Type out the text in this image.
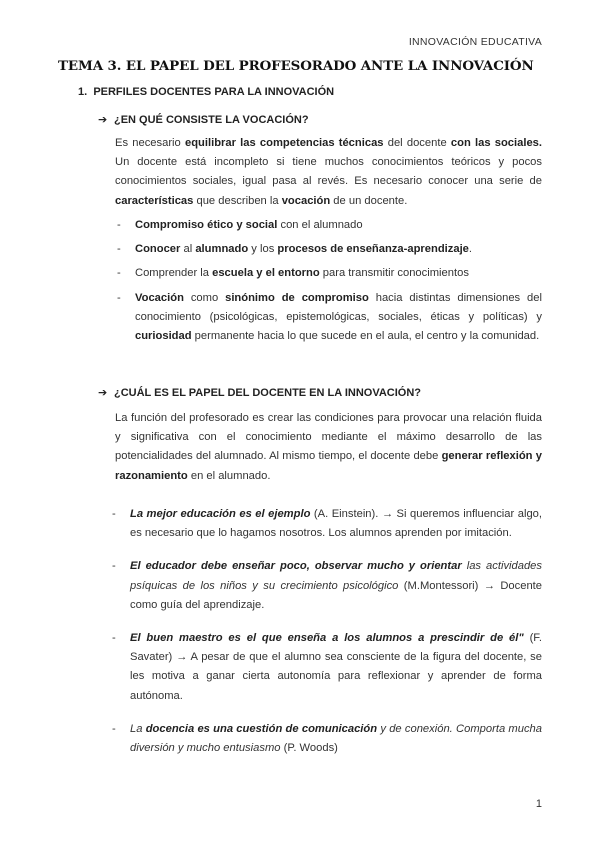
INNOVACIÓN EDUCATIVA
TEMA 3. EL PAPEL DEL PROFESORADO ANTE LA INNOVACIÓN
1. PERFILES DOCENTES PARA LA INNOVACIÓN
➔ ¿EN QUÉ CONSISTE LA VOCACIÓN?

Es necesario equilibrar las competencias técnicas del docente con las sociales. Un docente está incompleto si tiene muchos conocimientos teóricos y pocos conocimientos sociales, igual pasa al revés. Es necesario conocer una serie de características que describen la vocación de un docente.

- Compromiso ético y social con el alumnado
- Conocer al alumnado y los procesos de enseñanza-aprendizaje.
- Comprender la escuela y el entorno para transmitir conocimientos
- Vocación como sinónimo de compromiso hacia distintas dimensiones del conocimiento (psicológicas, epistemológicas, sociales, éticas y políticas) y curiosidad permanente hacia lo que sucede en el aula, el centro y la comunidad.
➔ ¿CUÁL ES EL PAPEL DEL DOCENTE EN LA INNOVACIÓN?

La función del profesorado es crear las condiciones para provocar una relación fluida y significativa con el conocimiento mediante el máximo desarrollo de las potencialidades del alumnado. Al mismo tiempo, el docente debe generar reflexión y razonamiento en el alumnado.

- La mejor educación es el ejemplo (A. Einstein). → Si queremos influenciar algo, es necesario que lo hagamos nosotros. Los alumnos aprenden por imitación.
- El educador debe enseñar poco, observar mucho y orientar las actividades psíquicas de los niños y su crecimiento psicológico (M.Montessori) → Docente como guía del aprendizaje.
- El buen maestro es el que enseña a los alumnos a prescindir de él" (F. Savater) → A pesar de que el alumno sea consciente de la figura del docente, se les motiva a ganar cierta autonomía para reflexionar y aprender de forma autónoma.
- La docencia es una cuestión de comunicación y de conexión. Comporta mucha diversión y mucho entusiasmo (P. Woods)
1
